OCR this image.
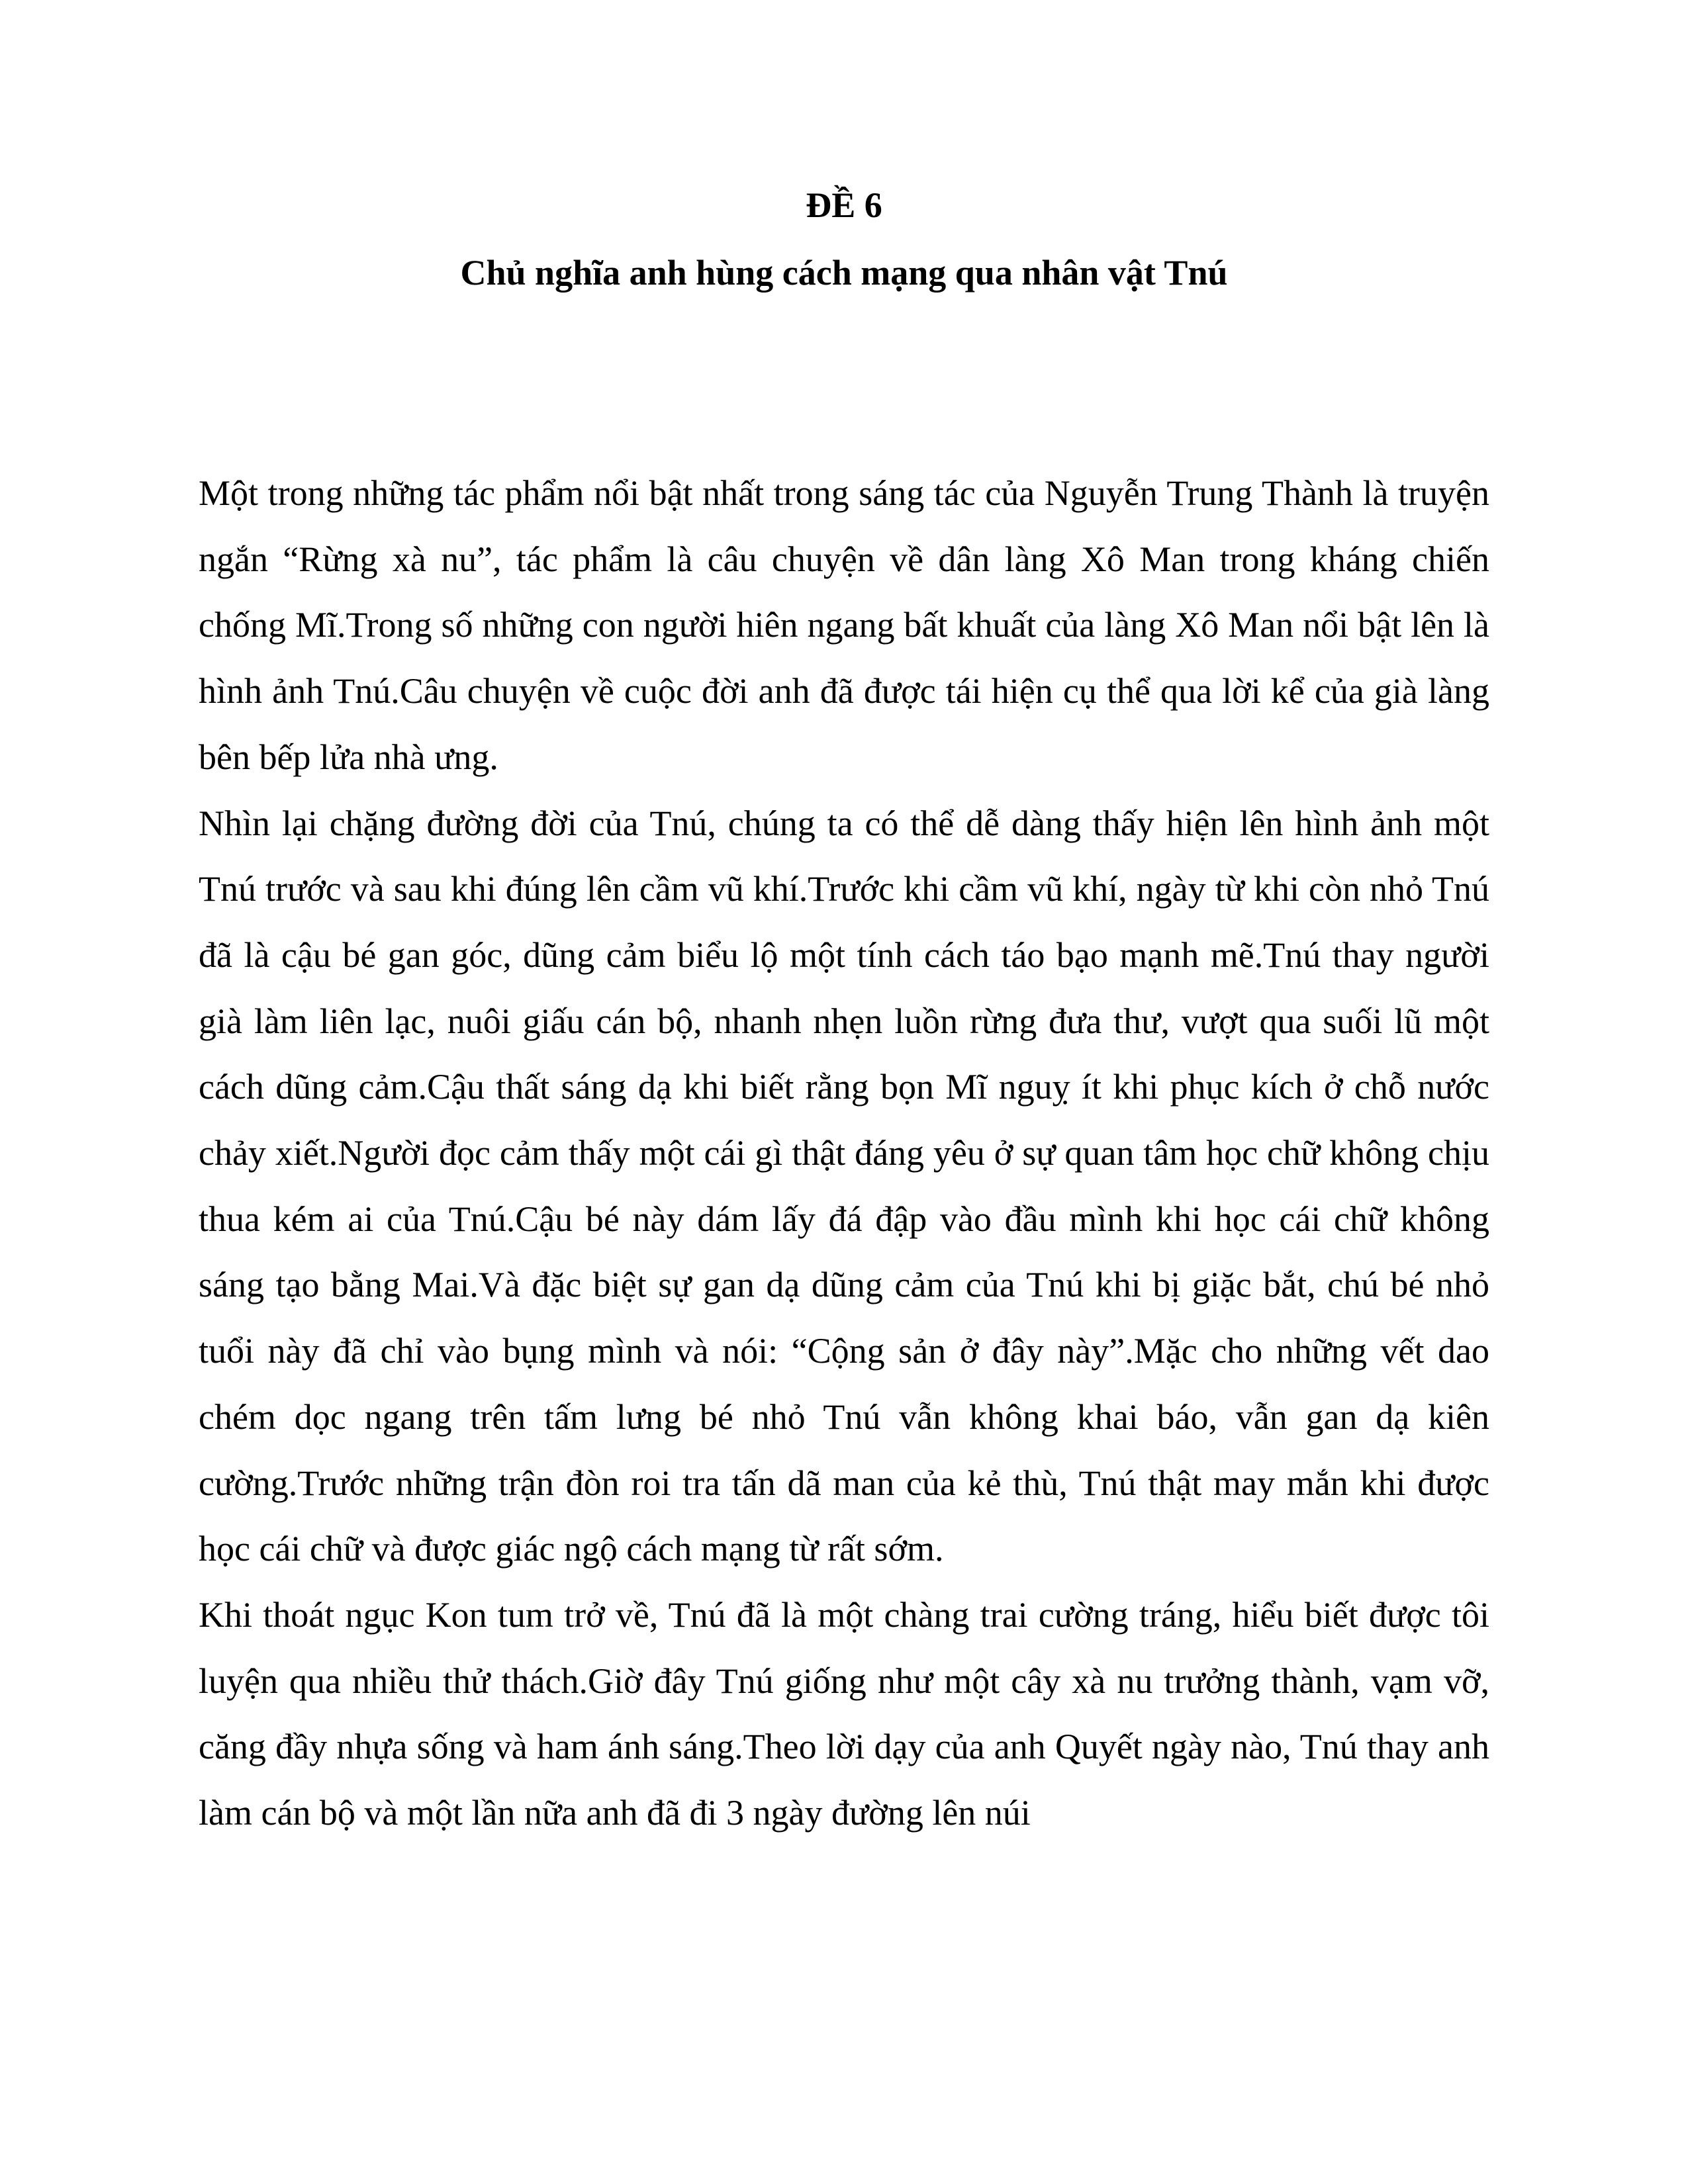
ĐỀ 6
Chủ nghĩa anh hùng cách mạng qua nhân vật Tnú

Một trong những tác phẩm nổi bật nhất trong sáng tác của Nguyễn Trung Thành là truyện ngắn “Rừng xà nu”, tác phẩm là câu chuyện về dân làng Xô Man trong kháng chiến chống Mĩ.Trong số những con người hiên ngang bất khuất của làng Xô Man nổi bật lên là hình ảnh Tnú.Câu chuyện về cuộc đời anh đã được tái hiện cụ thể qua lời kể của già làng bên bếp lửa nhà ưng.

Nhìn lại chặng đường đời của Tnú, chúng ta có thể dễ dàng thấy hiện lên hình ảnh một Tnú trước và sau khi đúng lên cầm vũ khí.Trước khi cầm vũ khí, ngày từ khi còn nhỏ Tnú đã là cậu bé gan góc, dũng cảm biểu lộ một tính cách táo bạo mạnh mẽ.Tnú thay người già làm liên lạc, nuôi giấu cán bộ, nhanh nhẹn luồn rừng đưa thư, vượt qua suối lũ một cách dũng cảm.Cậu thất sáng dạ khi biết rằng bọn Mĩ nguỵ ít khi phục kích ở chỗ nước chảy xiết.Người đọc cảm thấy một cái gì thật đáng yêu ở sự quan tâm học chữ không chịu thua kém ai của Tnú.Cậu bé này dám lấy đá đập vào đầu mình khi học cái chữ không sáng tạo bằng Mai.Và đặc biệt sự gan dạ dũng cảm của Tnú khi bị giặc bắt, chú bé nhỏ tuổi này đã chỉ vào bụng mình và nói: “Cộng sản ở đây này”.Mặc cho những vết dao chém dọc ngang trên tấm lưng bé nhỏ Tnú vẫn không khai báo, vẫn gan dạ kiên cường.Trước những trận đòn roi tra tấn dã man của kẻ thù, Tnú thật may mắn khi được học cái chữ và được giác ngộ cách mạng từ rất sớm.

Khi thoát ngục Kon tum trở về, Tnú đã là một chàng trai cường tráng, hiểu biết được tôi luyện qua nhiều thử thách.Giờ đây Tnú giống như một cây xà nu trưởng thành, vạm vỡ, căng đầy nhựa sống và ham ánh sáng.Theo lời dạy của anh Quyết ngày nào, Tnú thay anh làm cán bộ và một lần nữa anh đã đi 3 ngày đường lên núi
